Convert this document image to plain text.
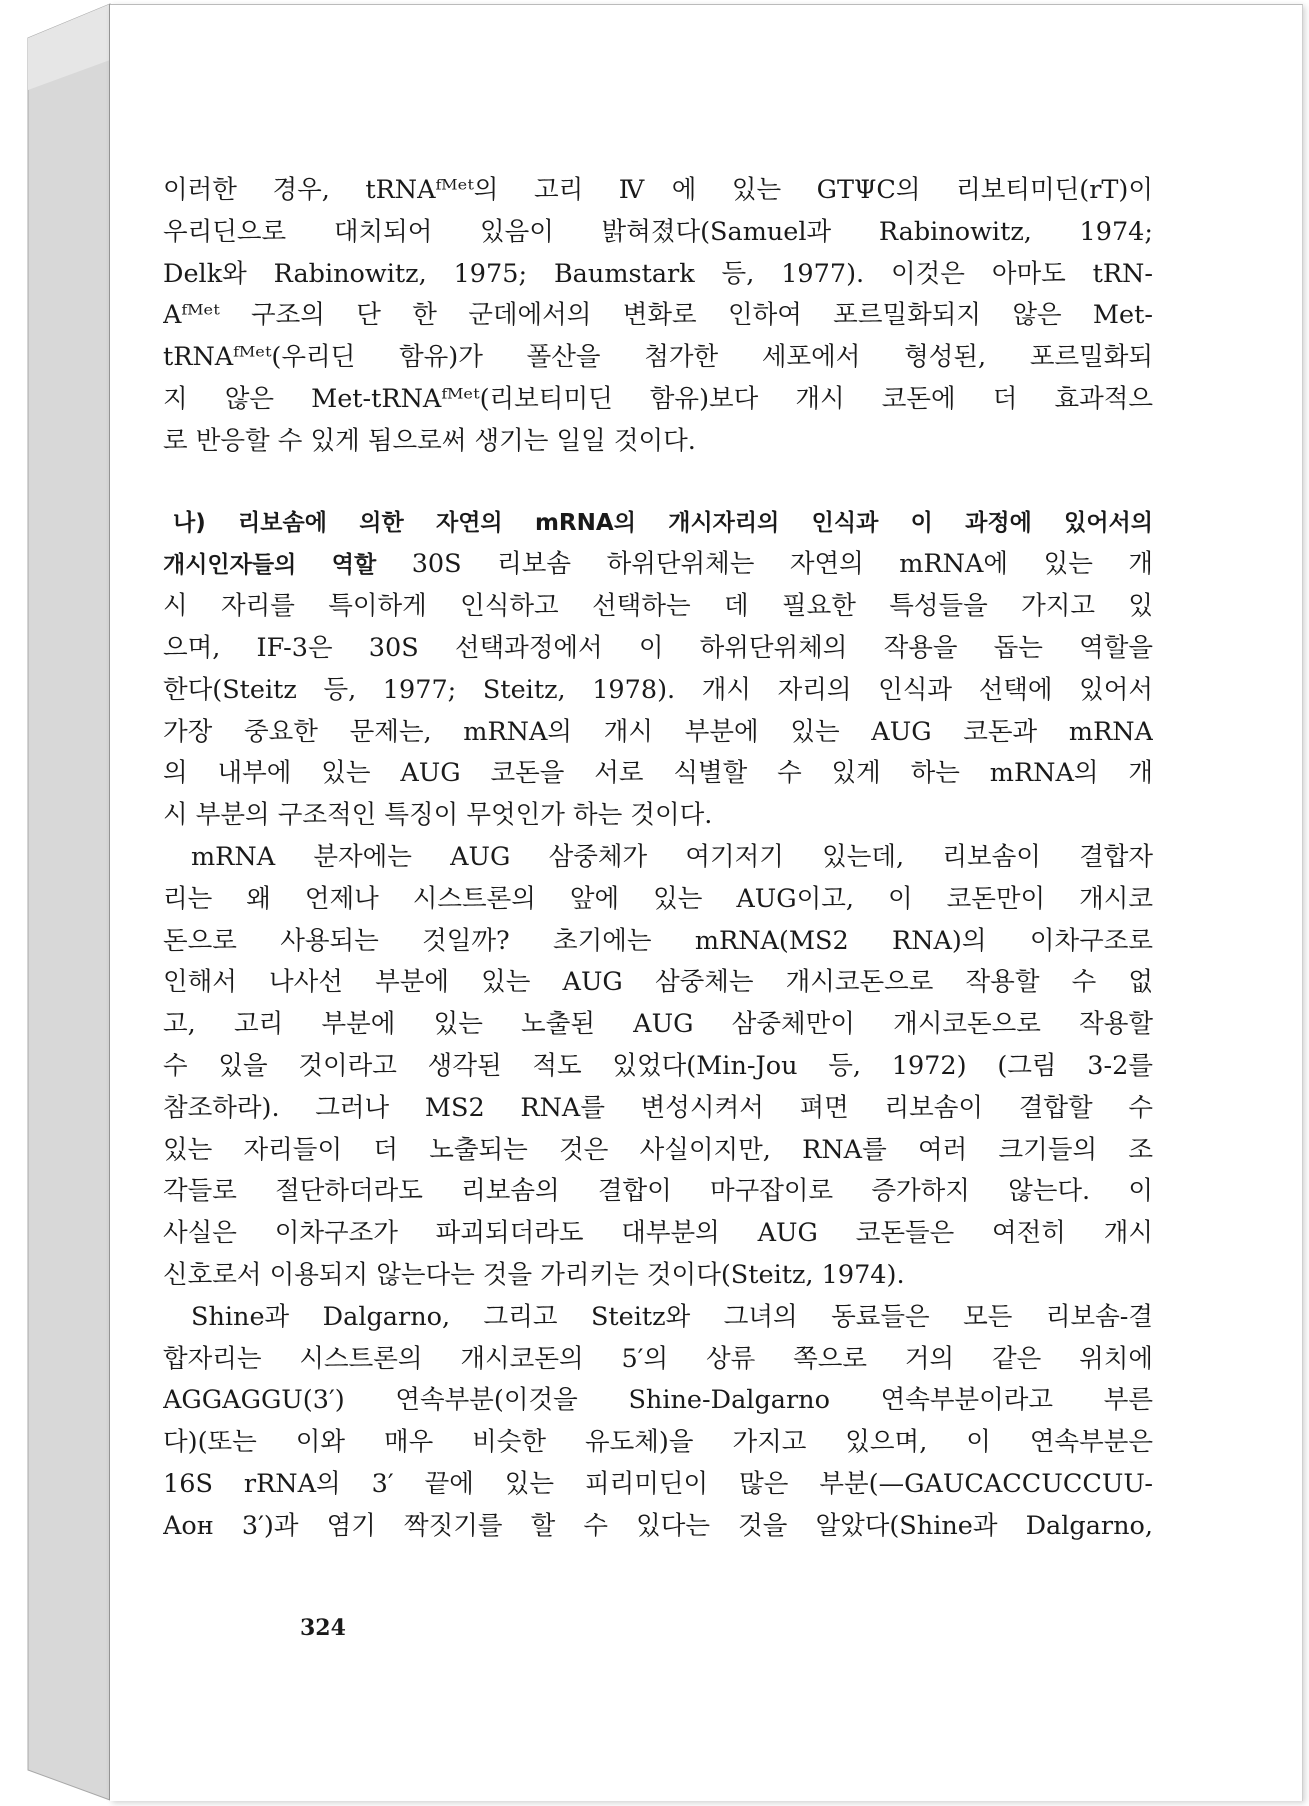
이러한 경우, tRNAᶠᴹᵉᵗ의 고리 Ⅳ에 있는 GTΨC의 리보티미딘(rT)이
우리딘으로 대치되어 있음이 밝혀졌다(Samuel과 Rabinowitz, 1974;
Delk와 Rabinowitz, 1975; Baumstark 등, 1977). 이것은 아마도 tRN-
Aᶠᴹᵉᵗ 구조의 단 한 군데에서의 변화로 인하여 포르밀화되지 않은 Met-
tRNAᶠᴹᵉᵗ(우리딘 함유)가 폴산을 첨가한 세포에서 형성된, 포르밀화되
지 않은 Met-tRNAᶠᴹᵉᵗ(리보티미딘 함유)보다 개시 코돈에 더 효과적으
로 반응할 수 있게 됨으로써 생기는 일일 것이다.
나) 리보솜에 의한 자연의 mRNA의 개시자리의 인식과 이 과정에 있어서의
개시인자들의 역할 30S 리보솜 하위단위체는 자연의 mRNA에 있는 개
시 자리를 특이하게 인식하고 선택하는 데 필요한 특성들을 가지고 있
으며, IF-3은 30S 선택과정에서 이 하위단위체의 작용을 돕는 역할을
한다(Steitz 등, 1977; Steitz, 1978). 개시 자리의 인식과 선택에 있어서
가장 중요한 문제는, mRNA의 개시 부분에 있는 AUG 코돈과 mRNA
의 내부에 있는 AUG 코돈을 서로 식별할 수 있게 하는 mRNA의 개
시 부분의 구조적인 특징이 무엇인가 하는 것이다.
mRNA 분자에는 AUG 삼중체가 여기저기 있는데, 리보솜이 결합자
리는 왜 언제나 시스트론의 앞에 있는 AUG이고, 이 코돈만이 개시코
돈으로 사용되는 것일까? 초기에는 mRNA(MS2 RNA)의 이차구조로
인해서 나사선 부분에 있는 AUG 삼중체는 개시코돈으로 작용할 수 없
고, 고리 부분에 있는 노출된 AUG 삼중체만이 개시코돈으로 작용할
수 있을 것이라고 생각된 적도 있었다(Min-Jou 등, 1972) (그림 3-2를
참조하라). 그러나 MS2 RNA를 변성시켜서 펴면 리보솜이 결합할 수
있는 자리들이 더 노출되는 것은 사실이지만, RNA를 여러 크기들의 조
각들로 절단하더라도 리보솜의 결합이 마구잡이로 증가하지 않는다. 이
사실은 이차구조가 파괴되더라도 대부분의 AUG 코돈들은 여전히 개시
신호로서 이용되지 않는다는 것을 가리키는 것이다(Steitz, 1974).
Shine과 Dalgarno, 그리고 Steitz와 그녀의 동료들은 모든 리보솜-결
합자리는 시스트론의 개시코돈의 5′의 상류 쪽으로 거의 같은 위치에
AGGAGGU(3′) 연속부분(이것을 Shine-Dalgarno 연속부분이라고 부른
다)(또는 이와 매우 비슷한 유도체)을 가지고 있으며, 이 연속부분은
16S rRNA의 3′ 끝에 있는 피리미딘이 많은 부분(—GAUCACCUCCUU-
Aᴏʜ 3′)과 염기 짝짓기를 할 수 있다는 것을 알았다(Shine과 Dalgarno,
324
